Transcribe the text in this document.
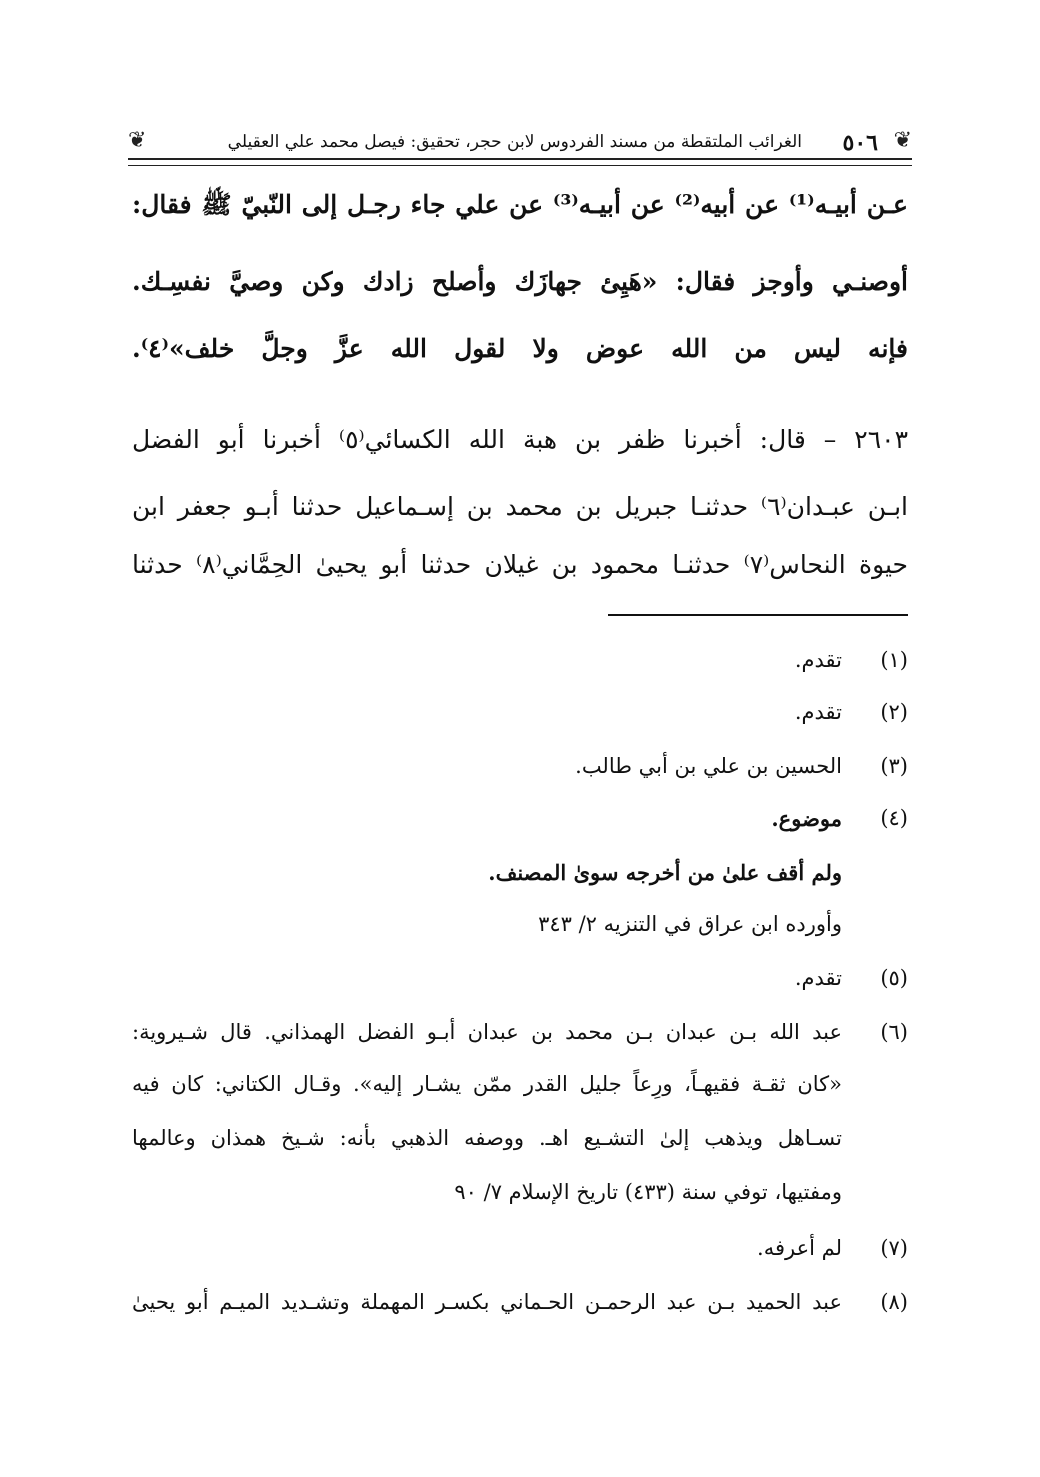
❦
٥٠٦
الغرائب الملتقطة من مسند الفردوس لابن حجر، تحقيق: فيصل محمد علي العقيلي
❦

عـن أبيـه⁽¹⁾ عن أبيه⁽²⁾ عن أبيـه⁽³⁾ عن علي جاء رجـل إلى النّبيّ ﷺ فقال:

أوصنـي وأوجز فقال: «هَيِئ جهازَك وأصلح زادك وكن وصيَّ نفسِـك.

فإنه ليس من الله عوض ولا لقول الله عزَّ وجلَّ خلف»⁽٤⁾.

٢٦٠٣ – قال: أخبرنا ظفر بن هبة الله الكسائي⁽٥⁾ أخبرنا أبو الفضل

ابـن عبـدان⁽٦⁾ حدثنـا جبريل بن محمد بن إسـماعيل حدثنا أبـو جعفر ابن

حيوة النحاس⁽٧⁾ حدثنـا محمود بن غيلان حدثنا أبو يحيىٰ الحِمَّاني⁽٨⁾ حدثنا

(١)
تقدم.
(٢)
تقدم.
(٣)
الحسين بن علي بن أبي طالب.
(٤)
موضوع.
ولم أقف علىٰ من أخرجه سوىٰ المصنف.
وأورده ابن عراق في التنزيه ٢/ ٣٤٣
(٥)
تقدم.
(٦)
عبد الله بـن عبدان بـن محمد بن عبدان أبـو الفضل الهمذاني. قال شـيروية:
«كان ثقـة فقيهـاً، ورِعاً جليل القدر ممّن يشـار إليه». وقـال الكتاني: كان فيه
تسـاهل ويذهب إلىٰ التشـيع اهـ. ووصفه الذهبي بأنه: شـيخ همذان وعالمها
ومفتيها، توفي سنة (٤٣٣) تاريخ الإسلام ٧/ ٩٠
(٧)
لم أعرفه.
(٨)
عبد الحميد بـن عبد الرحمـن الحـماني بكسـر المهملة وتشـديد الميـم أبو يحيىٰ
